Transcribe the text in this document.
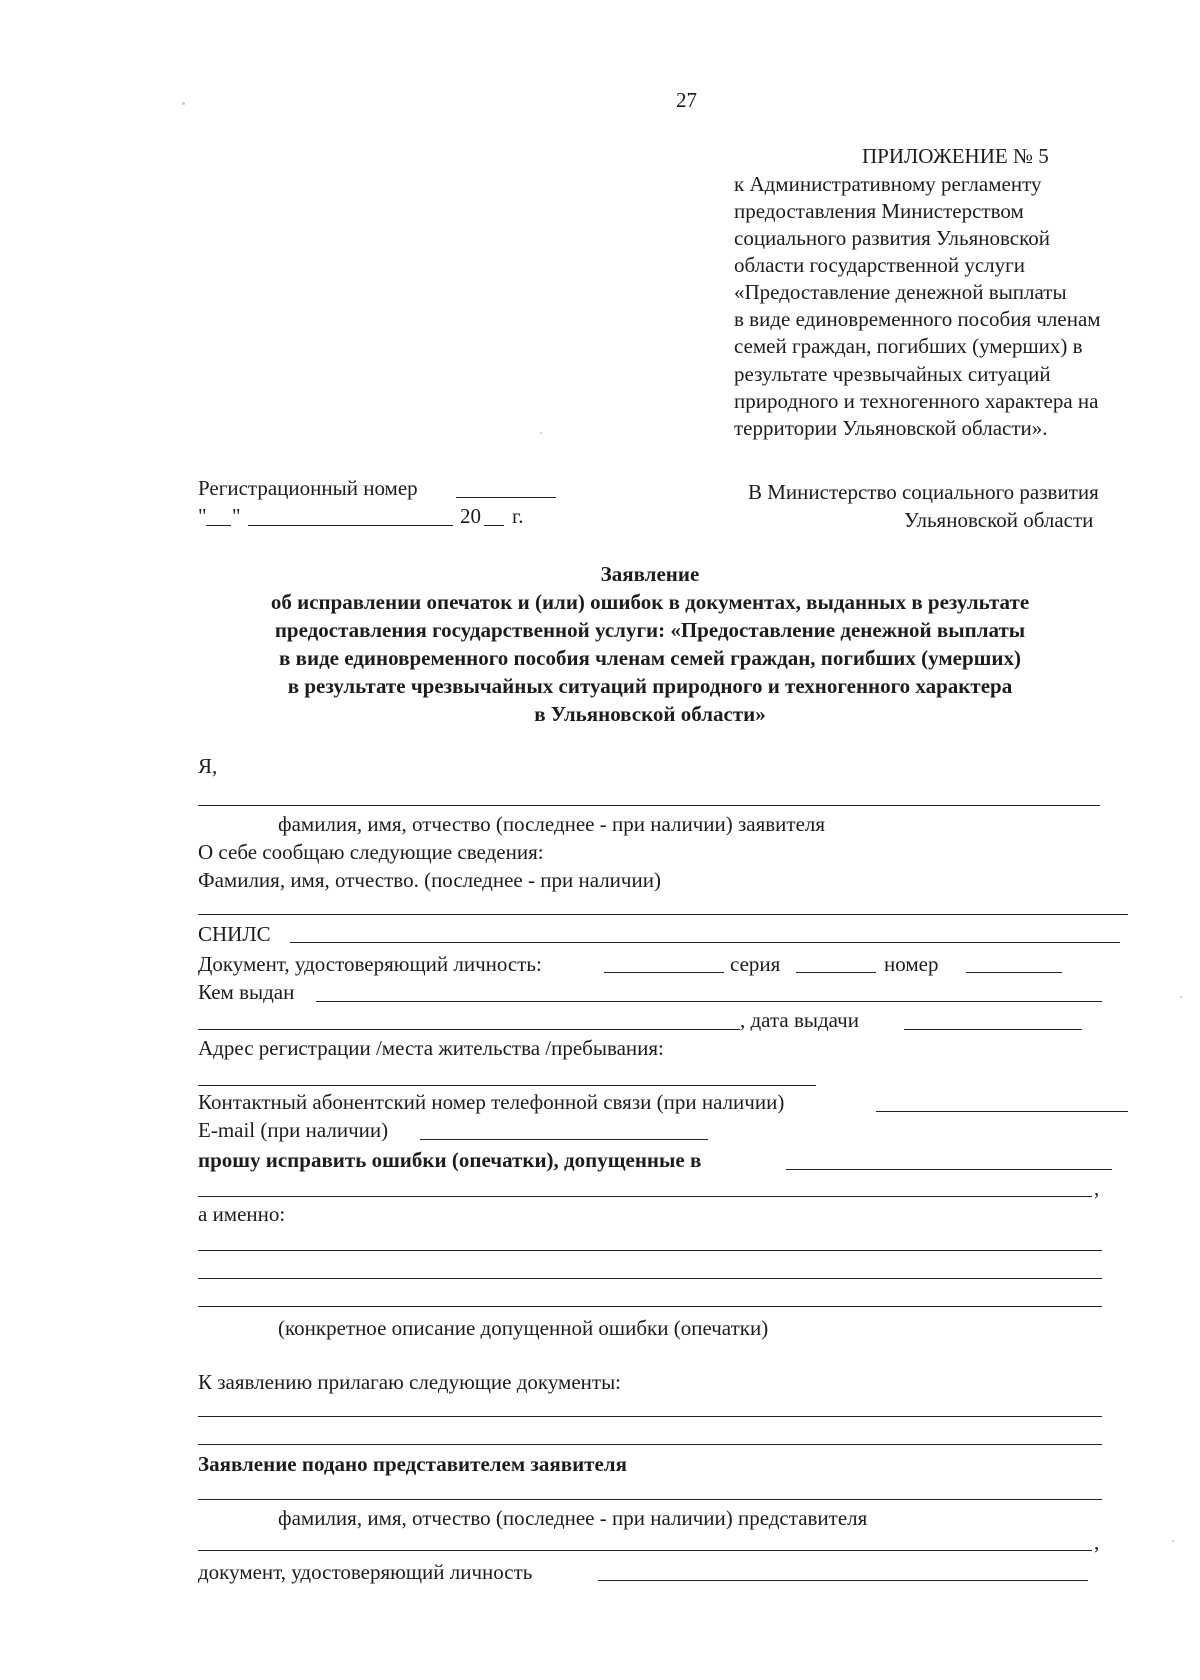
27
ПРИЛОЖЕНИЕ № 5
к Административному регламенту
предоставления Министерством
социального развития Ульяновской
области государственной услуги
«Предоставление денежной выплаты
в виде единовременного пособия членам
семей граждан, погибших (умерших) в
результате чрезвычайных ситуаций
природного и техногенного характера на
территории Ульяновской области».
Регистрационный номер
" "	20 г.
В Министерство социального развития
Ульяновской области
Заявление
об исправлении опечаток и (или) ошибок в документах, выданных в результате
предоставления государственной услуги: «Предоставление денежной выплаты
в виде единовременного пособия членам семей граждан, погибших (умерших)
в результате чрезвычайных ситуаций природного и техногенного характера
в Ульяновской области»
Я,
фамилия, имя, отчество (последнее - при наличии) заявителя
О себе сообщаю следующие сведения:
Фамилия, имя, отчество. (последнее - при наличии)
СНИЛС
Документ, удостоверяющий личность:	серия	номер
Кем выдан
, дата выдачи
Адрес регистрации /места жительства /пребывания:
Контактный абонентский номер телефонной связи (при наличии)
E-mail (при наличии)
прошу исправить ошибки (опечатки), допущенные в
,
а именно:
(конкретное описание допущенной ошибки (опечатки)
К заявлению прилагаю следующие документы:
Заявление подано представителем заявителя
фамилия, имя, отчество (последнее - при наличии) представителя
,
документ, удостоверяющий личность
